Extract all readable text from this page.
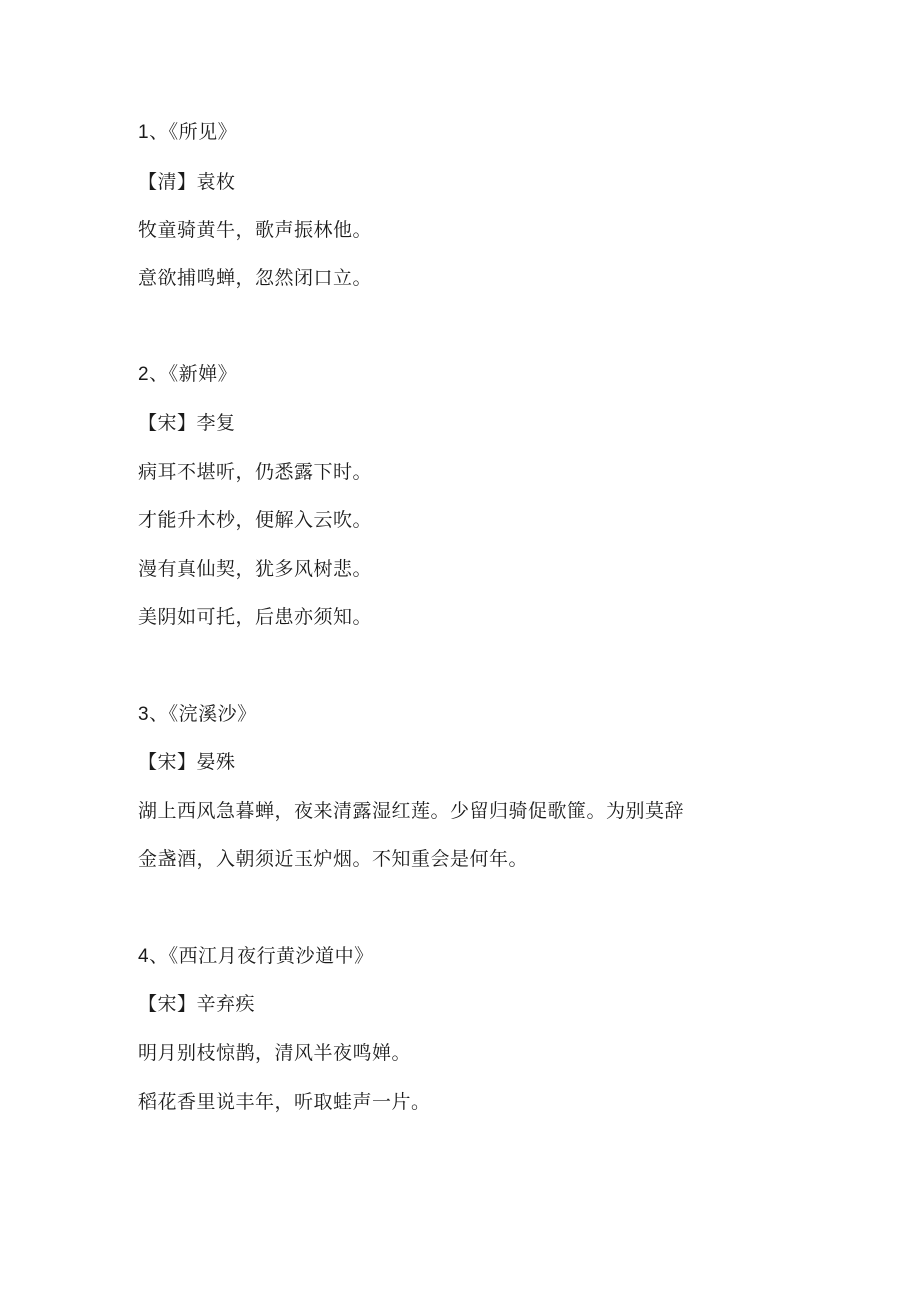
1、《所见》
【清】袁枚
牧童骑黄牛，歌声振林他。
意欲捕鸣蝉，忽然闭口立。
2、《新婵》
【宋】李复
病耳不堪听，仍悉露下时。
才能升木杪，便解入云吹。
漫有真仙契，犹多风树悲。
美阴如可托，后患亦须知。
3、《浣溪沙》
【宋】晏殊
湖上西风急暮蝉，夜来清露湿红莲。少留归骑促歌篚。为别莫辞
金盏酒，入朝须近玉炉烟。不知重会是何年。
4、《西江月夜行黄沙道中》
【宋】辛弃疾
明月别枝惊鹊，清风半夜鸣婵。
稻花香里说丰年，听取蛙声一片。
